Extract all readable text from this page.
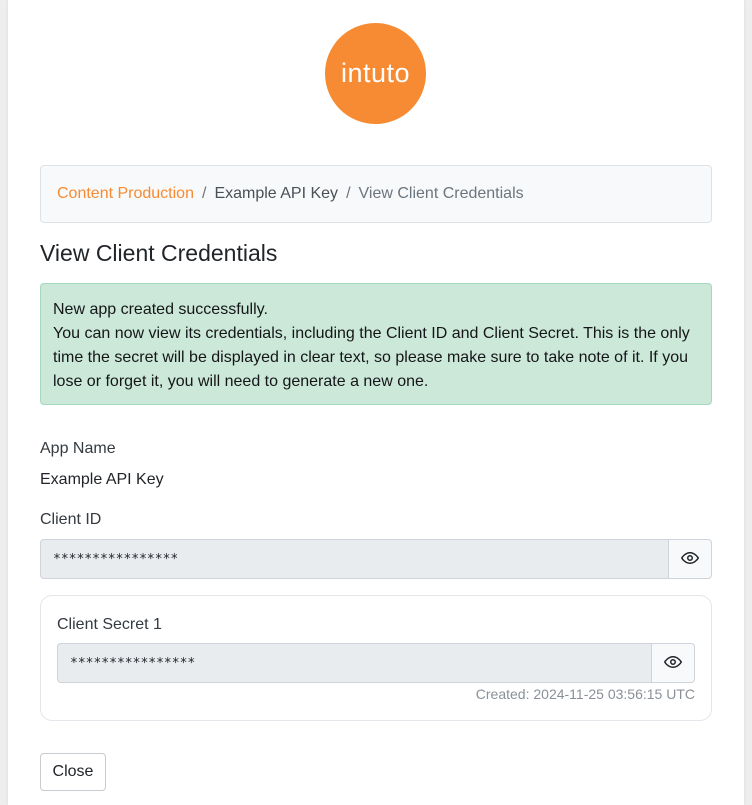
intuto
Content Production / Example API Key / View Client Credentials
View Client Credentials
New app created successfully.
You can now view its credentials, including the Client ID and Client Secret. This is the only time the secret will be displayed in clear text, so please make sure to take note of it. If you lose or forget it, you will need to generate a new one.
App Name
Example API Key
Client ID
****************
Client Secret 1
****************
Created: 2024-11-25 03:56:15 UTC
Close
